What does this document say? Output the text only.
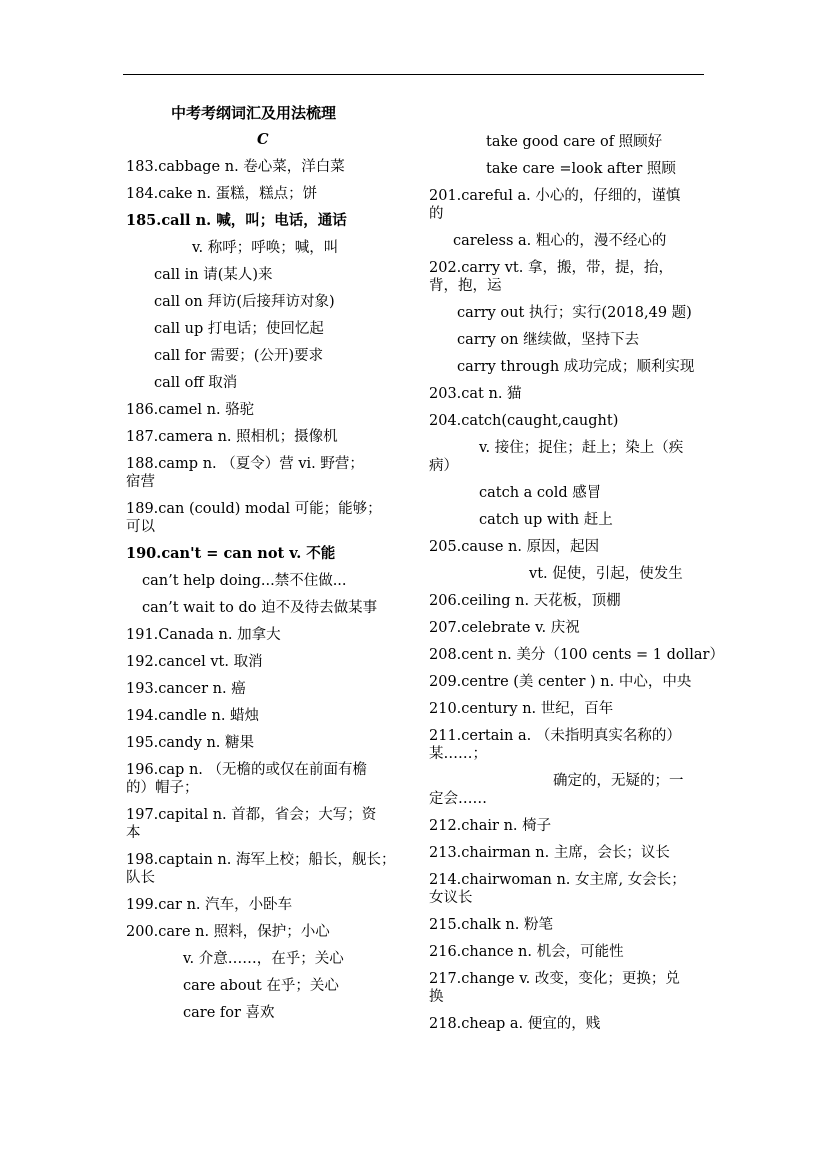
中考考纲词汇及用法梳理
C
183.cabbage n. 卷心菜，洋白菜
184.cake n. 蛋糕，糕点；饼
185.call n. 喊，叫；电话，通话
v. 称呼；呼唤；喊，叫
call in 请(某人)来
call on 拜访(后接拜访对象)
call up 打电话；使回忆起
call for 需要；(公开)要求
call off 取消
186.camel n. 骆驼
187.camera n. 照相机；摄像机
188.camp n. （夏令）营 vi. 野营；
宿营
189.can (could) modal 可能；能够；
可以
190.can't = can not v. 不能
can’t help doing...禁不住做...
can’t wait to do 迫不及待去做某事
191.Canada n. 加拿大
192.cancel vt. 取消
193.cancer n. 癌
194.candle n. 蜡烛
195.candy n. 糖果
196.cap n. （无檐的或仅在前面有檐
的）帽子；
197.capital n. 首都，省会；大写；资
本
198.captain n. 海军上校；船长，舰长；
队长
199.car n. 汽车，小卧车
200.care n. 照料，保护；小心
v. 介意……，在乎；关心
care about 在乎；关心
care for 喜欢
take good care of 照顾好
take care =look after 照顾
201.careful a. 小心的，仔细的，谨慎
的
careless a. 粗心的，漫不经心的
202.carry vt. 拿，搬，带，提，抬，
背，抱，运
carry out 执行；实行(2018,49 题)
carry on 继续做，坚持下去
carry through 成功完成；顺利实现
203.cat n. 猫
204.catch(caught,caught)
v. 接住；捉住；赶上；染上（疾
病）
catch a cold 感冒
catch up with 赶上
205.cause n. 原因，起因
vt. 促使，引起，使发生
206.ceiling n. 天花板，顶棚
207.celebrate v. 庆祝
208.cent n. 美分（100 cents = 1 dollar）
209.centre (美 center ) n. 中心，中央
210.century n. 世纪，百年
211.certain a. （未指明真实名称的）
某……；
确定的，无疑的；一
定会……
212.chair n. 椅子
213.chairman n. 主席，会长；议长
214.chairwoman n. 女主席, 女会长；
女议长
215.chalk n. 粉笔
216.chance n. 机会，可能性
217.change v. 改变，变化；更换；兑
换
218.cheap a. 便宜的，贱
